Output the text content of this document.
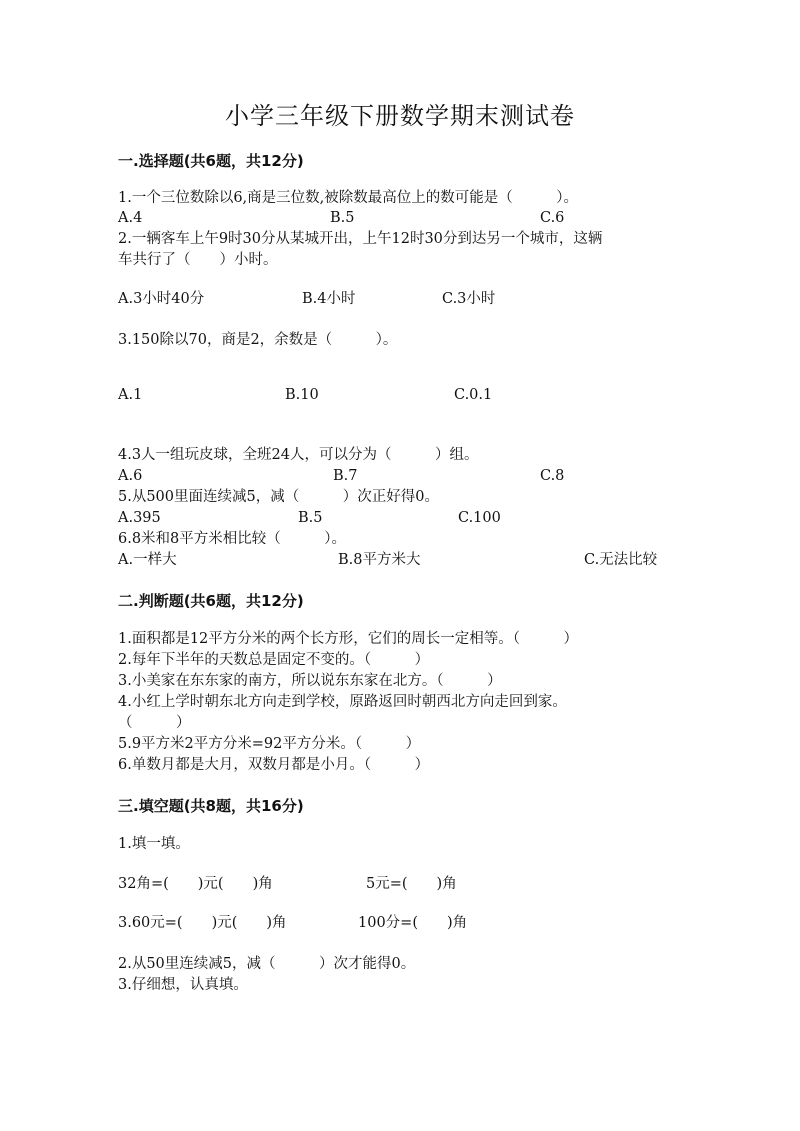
小学三年级下册数学期末测试卷
一.选择题(共6题，共12分)
1.一个三位数除以6,商是三位数,被除数最高位上的数可能是（　　　）。
A.4	B.5	C.6
2.一辆客车上午9时30分从某城开出，上午12时30分到达另一个城市，这辆
车共行了（　　）小时。
A.3小时40分	B.4小时	C.3小时
3.150除以70，商是2，余数是（　　　）。
A.1	B.10	C.0.1
4.3人一组玩皮球，全班24人，可以分为（　　　）组。
A.6	B.7	C.8
5.从500里面连续减5，减（　　　）次正好得0。
A.395	B.5	C.100
6.8米和8平方米相比较（　　　）。
A.一样大	B.8平方米大	C.无法比较
二.判断题(共6题，共12分)
1.面积都是12平方分米的两个长方形，它们的周长一定相等。（　　　）
2.每年下半年的天数总是固定不变的。（　　　）
3.小美家在东东家的南方，所以说东东家在北方。（　　　）
4.小红上学时朝东北方向走到学校，原路返回时朝西北方向走回到家。
（　　　）
5.9平方米2平方分米=92平方分米。（　　　）
6.单数月都是大月，双数月都是小月。（　　　）
三.填空题(共8题，共16分)
1.填一填。
32角=(　　)元(　　)角	5元=(　　)角
3.60元=(　　)元(　　)角	100分=(　　)角
2.从50里连续减5，减（　　　）次才能得0。
3.仔细想，认真填。
